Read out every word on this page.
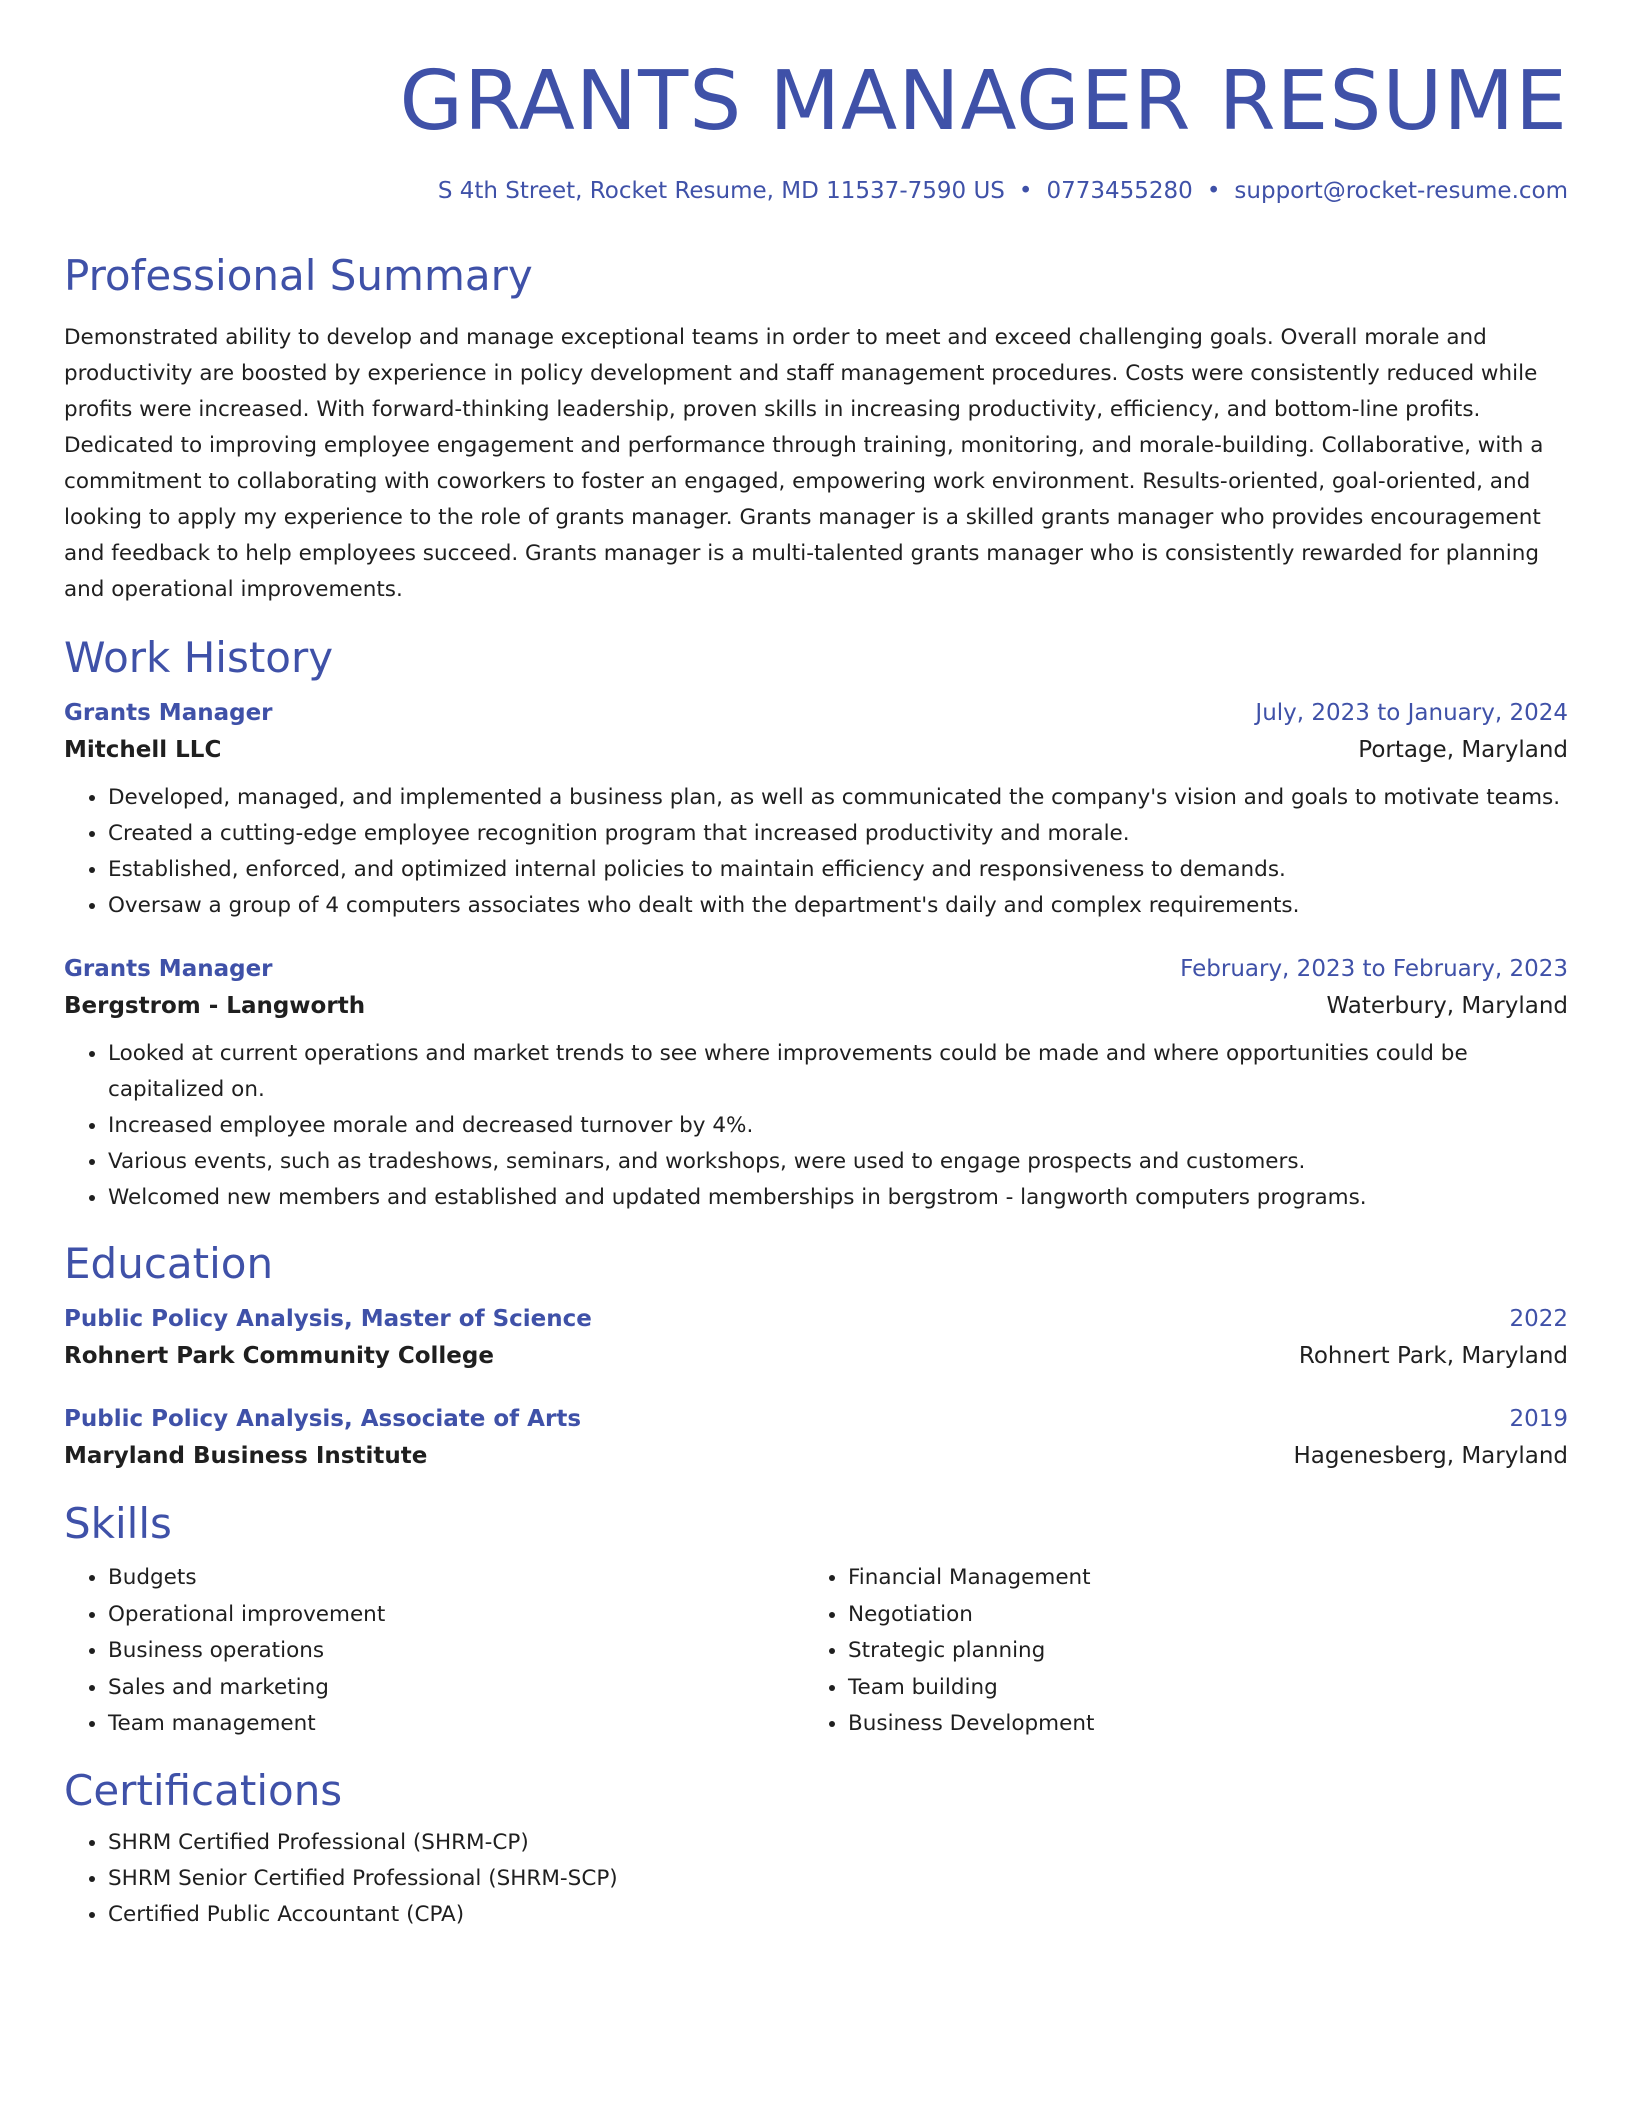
GRANTS MANAGER RESUME
S 4th Street, Rocket Resume, MD 11537-7590 US • 0773455280 • support@rocket-resume.com
Professional Summary

Demonstrated ability to develop and manage exceptional teams in order to meet and exceed challenging goals. Overall morale and productivity are boosted by experience in policy development and staff management procedures. Costs were consistently reduced while profits were increased. With forward-thinking leadership, proven skills in increasing productivity, efficiency, and bottom-line profits. Dedicated to improving employee engagement and performance through training, monitoring, and morale-building. Collaborative, with a commitment to collaborating with coworkers to foster an engaged, empowering work environment. Results-oriented, goal-oriented, and looking to apply my experience to the role of grants manager. Grants manager is a skilled grants manager who provides encouragement and feedback to help employees succeed. Grants manager is a multi-talented grants manager who is consistently rewarded for planning and operational improvements.

Work History
Grants Manager	July, 2023 to January, 2024
Mitchell LLC	Portage, Maryland
• Developed, managed, and implemented a business plan, as well as communicated the company's vision and goals to motivate teams.
• Created a cutting-edge employee recognition program that increased productivity and morale.
• Established, enforced, and optimized internal policies to maintain efficiency and responsiveness to demands.
• Oversaw a group of 4 computers associates who dealt with the department's daily and complex requirements.
Grants Manager	February, 2023 to February, 2023
Bergstrom - Langworth	Waterbury, Maryland
• Looked at current operations and market trends to see where improvements could be made and where opportunities could be capitalized on.
• Increased employee morale and decreased turnover by 4%.
• Various events, such as tradeshows, seminars, and workshops, were used to engage prospects and customers.
• Welcomed new members and established and updated memberships in bergstrom - langworth computers programs.
Education
Public Policy Analysis, Master of Science	2022
Rohnert Park Community College	Rohnert Park, Maryland
Public Policy Analysis, Associate of Arts	2019
Maryland Business Institute	Hagenesberg, Maryland
Skills
• Budgets
• Operational improvement
• Business operations
• Sales and marketing
• Team management
• Financial Management
• Negotiation
• Strategic planning
• Team building
• Business Development
Certifications
• SHRM Certified Professional (SHRM-CP)
• SHRM Senior Certified Professional (SHRM-SCP)
• Certified Public Accountant (CPA)
